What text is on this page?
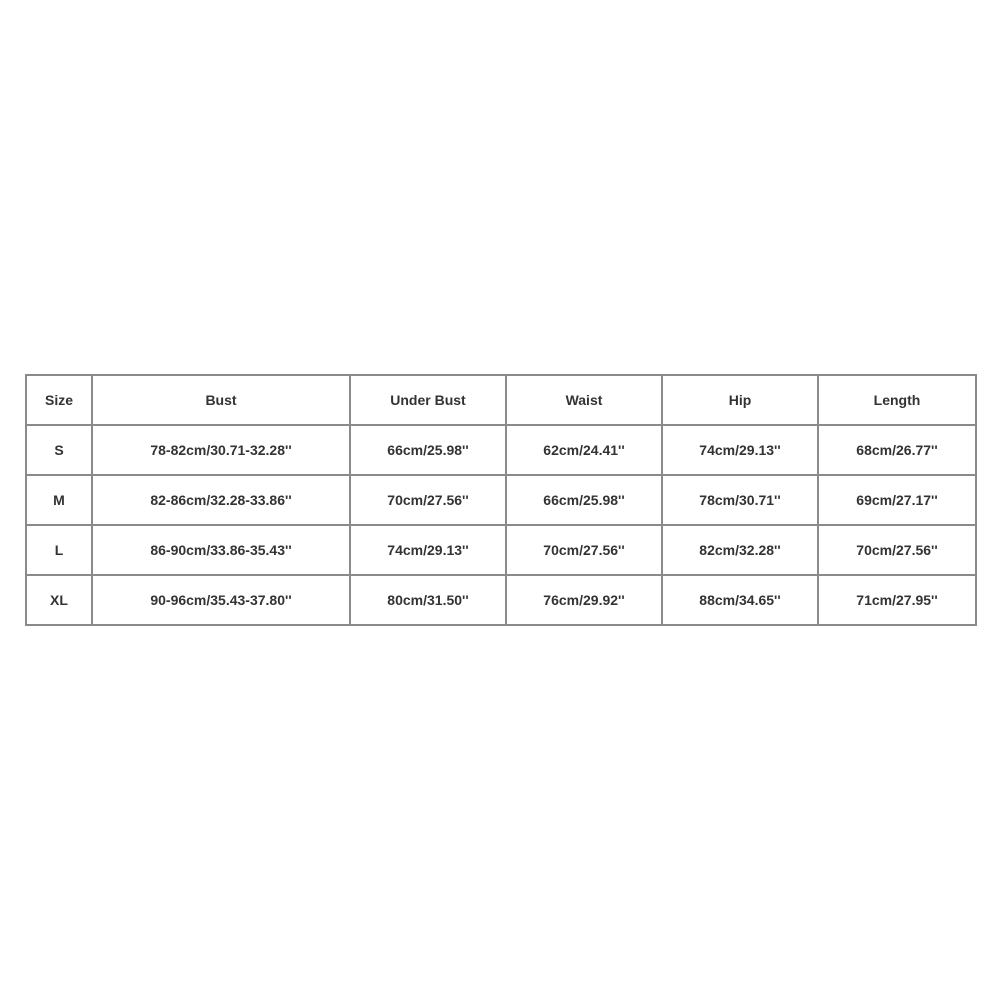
Size	Bust	Under Bust	Waist	Hip	Length
S	78-82cm/30.71-32.28''	66cm/25.98''	62cm/24.41''	74cm/29.13''	68cm/26.77''
M	82-86cm/32.28-33.86''	70cm/27.56''	66cm/25.98''	78cm/30.71''	69cm/27.17''
L	86-90cm/33.86-35.43''	74cm/29.13''	70cm/27.56''	82cm/32.28''	70cm/27.56''
XL	90-96cm/35.43-37.80''	80cm/31.50''	76cm/29.92''	88cm/34.65''	71cm/27.95''
